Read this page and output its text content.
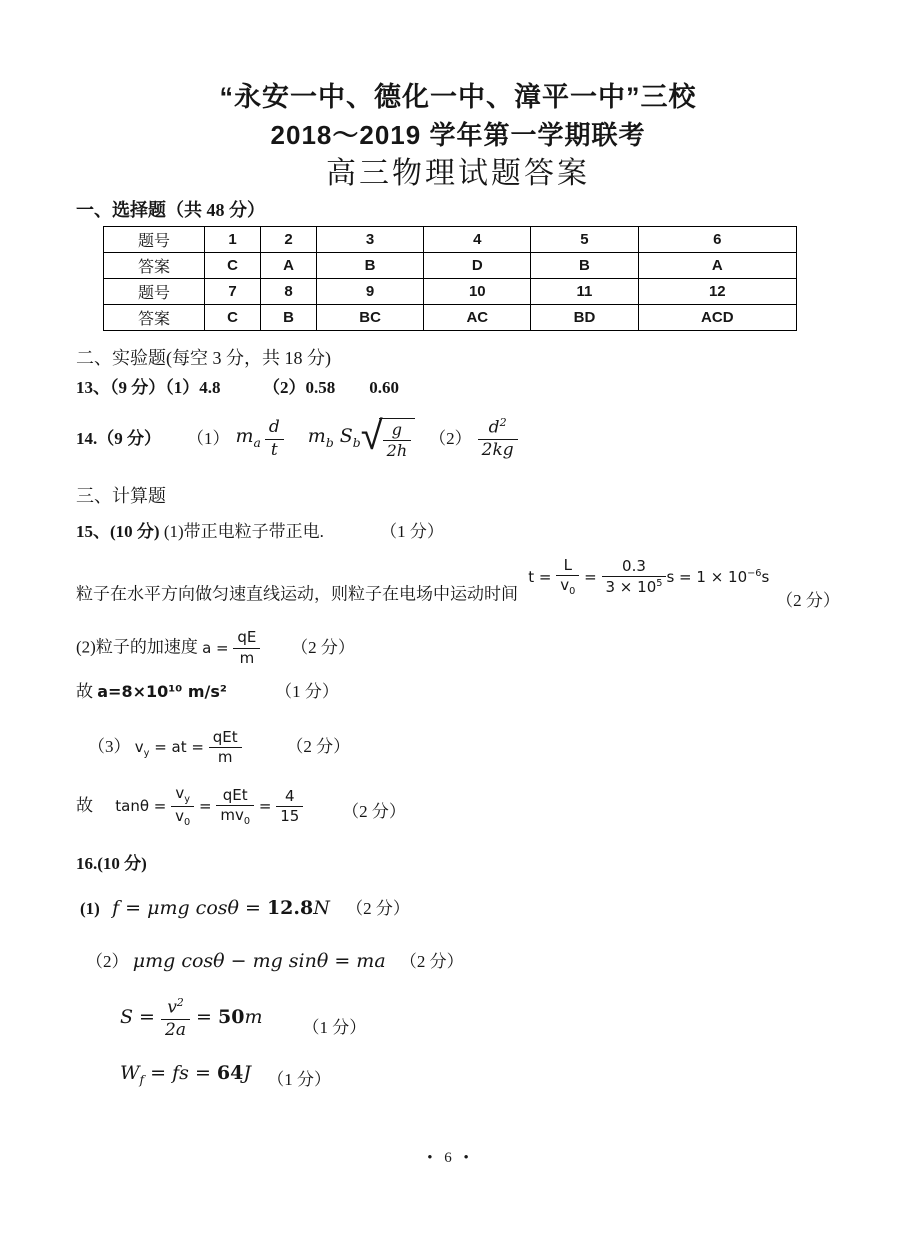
“永安一中、德化一中、漳平一中”三校
2018～2019 学年第一学期联考
高三物理试题答案
一、选择题（共 48 分）
题号	1	2	3	4	5	6
答案	C	A	B	D	B	A
题号	7	8	9	10	11	12
答案	C	B	BC	AC	BD	ACD
二、实验题(每空 3 分，共 18 分)
13、（9 分）（1）4.8　　　（2）0.58　　0.60
14.（9 分） （1） $m_a$
d
t
$m_b$ $S_b$ √ $\frac{g}{2h} (2)$
$d^2$
2kg
三、计算题
15、(10 分) (1)带正电粒子带正电.	（1 分）
粒子在水平方向做匀速直线运动，则粒子在电场中运动时间 $t = \frac{L}{v_0} = \frac{0.3}{3 \times 10^5}$ $s = 1 \times 10^{-6}s$ （2 分）
(2)粒子的加速度 $a = \frac{qE}{m} (2$ 分）
故 a=8×10¹⁰ m/s²	（1 分）
（3） $v_y$ = at =
qEt
m
（2 分）
故 $\tan\theta = \frac{v_y}{v_0}$ =
qEt
$mv_0$
= $\frac{4}{15} (2$ 分）
16.(10 分)
(1) f = μmg cosθ = 12.8N （2 分）
（2） μmg cosθ − mg sinθ = ma （2 分）
$S = \frac{v^2}{2a} = 50m$ （1 分）
$W_f$ = fs = 64J （1 分）
• 6 •
